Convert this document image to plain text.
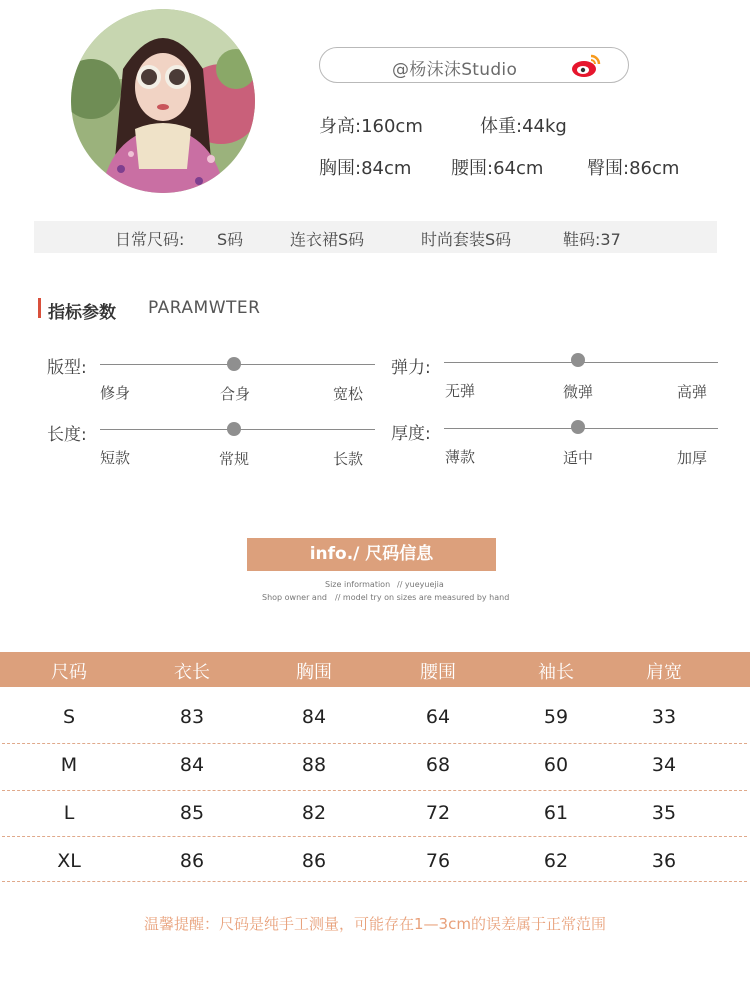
@杨沫沫Studio
身高:160cm	体重:44kg
胸围:84cm 腰围:64cm 臀围:86cm
日常尺码: S码	连衣裙S码	时尚套装S码	鞋码:37
指标参数 PARAMWTER
版型:
修身	合身	宽松
弹力:
无弹	微弹	高弹
长度:
短款	常规	长款
厚度:
薄款	适中	加厚
info./ 尺码信息
Size information // yueyuejia
Shop owner and // model try on sizes are measured by hand
尺码	衣长	胸围	腰围	袖长	肩宽
S	83	84	64	59	33
M	84	88	68	60	34
L	85	82	72	61	35
XL	86	86	76	62	36
温馨提醒：尺码是纯手工测量，可能存在1—3cm的误差属于正常范围
